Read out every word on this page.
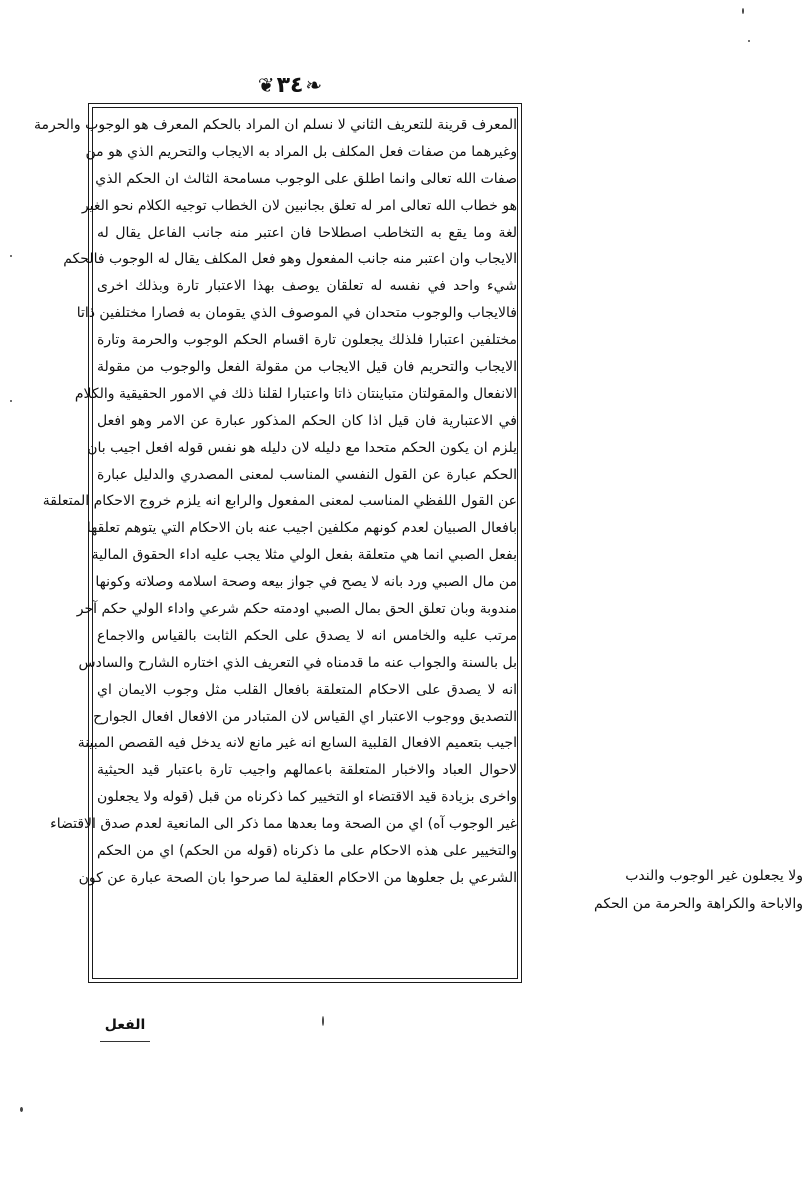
❦ ٣٤ ❧
المعرف قرينة للتعريف الثاني لا نسلم ان المراد بالحكم المعرف هو الوجوب والحرمة
وغيرهما من صفات فعل المكلف بل المراد به الايجاب والتحريم الذي هو من
صفات الله تعالى وانما اطلق على الوجوب مسامحة الثالث ان الحكم الذي
هو خطاب الله تعالى امر له تعلق بجانبين لان الخطاب توجيه الكلام نحو الغير
لغة وما يقع به التخاطب اصطلاحا فان اعتبر منه جانب الفاعل يقال له
الايجاب وان اعتبر منه جانب المفعول وهو فعل المكلف يقال له الوجوب فالحكم
شيء واحد في نفسه له تعلقان يوصف بهذا الاعتبار تارة وبذلك اخرى
فالايجاب والوجوب متحدان في الموصوف الذي يقومان به فصارا مختلفين ذاتا
مختلفين اعتبارا فلذلك يجعلون تارة اقسام الحكم الوجوب والحرمة وتارة
الايجاب والتحريم فان قيل الايجاب من مقولة الفعل والوجوب من مقولة
الانفعال والمقولتان متباينتان ذاتا واعتبارا لقلنا ذلك في الامور الحقيقية والكلام
في الاعتبارية فان قيل اذا كان الحكم المذكور عبارة عن الامر وهو افعل
يلزم ان يكون الحكم متحدا مع دليله لان دليله هو نفس قوله افعل اجيب بان
الحكم عبارة عن القول النفسي المناسب لمعنى المصدري والدليل عبارة
عن القول اللفظي المناسب لمعنى المفعول والرابع انه يلزم خروج الاحكام المتعلقة
بافعال الصبيان لعدم كونهم مكلفين اجيب عنه بان الاحكام التي يتوهم تعلقها
بفعل الصبي انما هي متعلقة بفعل الولي مثلا يجب عليه اداء الحقوق المالية
من مال الصبي ورد بانه لا يصح في جواز بيعه وصحة اسلامه وصلاته وكونها
مندوبة وبان تعلق الحق بمال الصبي اودمته حكم شرعي واداء الولي حكم آخر
مرتب عليه والخامس انه لا يصدق على الحكم الثابت بالقياس والاجماع
بل بالسنة والجواب عنه ما قدمناه في التعريف الذي اختاره الشارح والسادس
انه لا يصدق على الاحكام المتعلقة بافعال القلب مثل وجوب الايمان اي
التصديق ووجوب الاعتبار اي القياس لان المتبادر من الافعال افعال الجوارح
اجيب بتعميم الافعال القلبية السابع انه غير مانع لانه يدخل فيه القصص المبينة
لاحوال العباد والاخبار المتعلقة باعمالهم واجيب تارة باعتبار قيد الحيثية
واخرى بزيادة قيد الاقتضاء او التخيير كما ذكرناه من قبل (قوله ولا يجعلون
غير الوجوب آه) اي من الصحة وما بعدها مما ذكر الى المانعية لعدم صدق الاقتضاء
والتخيير على هذه الاحكام على ما ذكرناه (قوله من الحكم) اي من الحكم
الشرعي بل جعلوها من الاحكام العقلية لما صرحوا بان الصحة عبارة عن كون	ولا يجعلون غير الوجوب والندب
والاباحة والكراهة والحرمة من الحكم
الفعل
